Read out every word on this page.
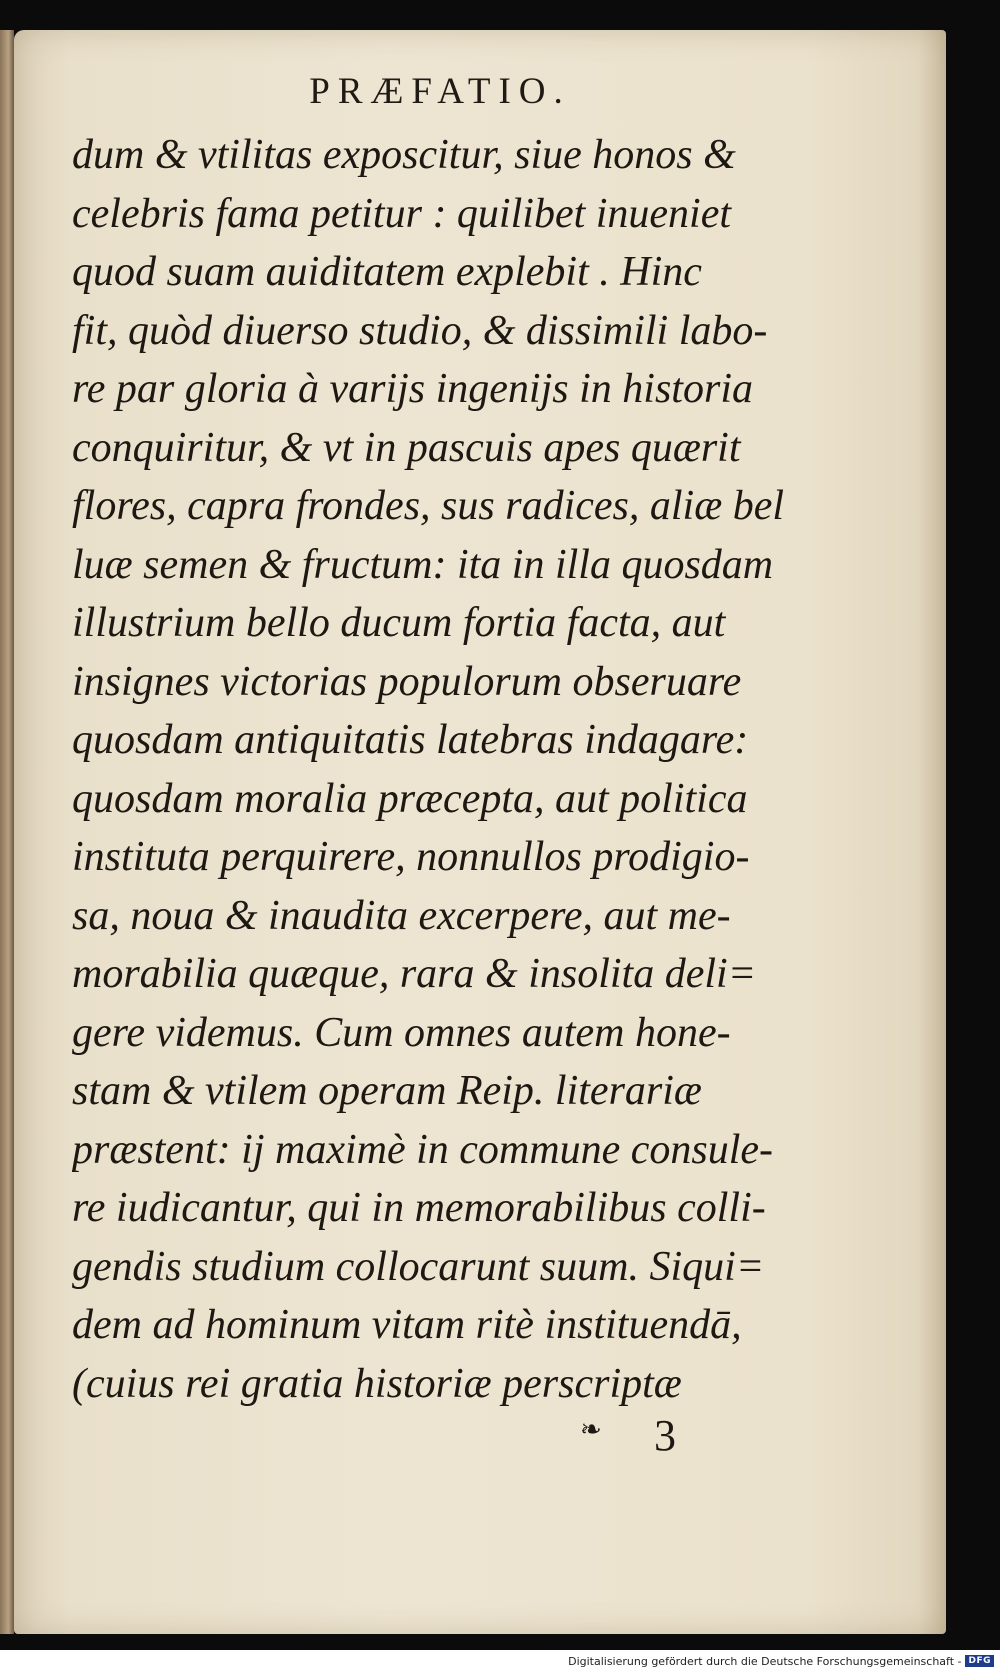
PRÆFATIO.
dum & vtilitas exposcitur, siue honos &
celebris fama petitur : quilibet inueniet
quod suam auiditatem explebit . Hinc
fit, quòd diuerso studio, & dissimili labo-
re par gloria à varijs ingenijs in historia
conquiritur, & vt in pascuis apes quærit
flores, capra frondes, sus radices, aliæ bel
luæ semen & fructum: ita in illa quosdam
illustrium bello ducum fortia facta, aut
insignes victorias populorum obseruare
quosdam antiquitatis latebras indagare:
quosdam moralia præcepta, aut politica
instituta perquirere, nonnullos prodigio-
sa, noua & inaudita excerpere, aut me-
morabilia quæque, rara & insolita deli=
gere videmus. Cum omnes autem hone-
stam & vtilem operam Reip. literariæ
præstent: ij maximè in commune consule-
re iudicantur, qui in memorabilibus colli-
gendis studium collocarunt suum. Siqui=
dem ad hominum vitam ritè instituendā,
(cuius rei gratia historiæ perscriptæ
❧ 3
Digitalisierung gefördert durch die Deutsche Forschungsgemeinschaft - DFG
